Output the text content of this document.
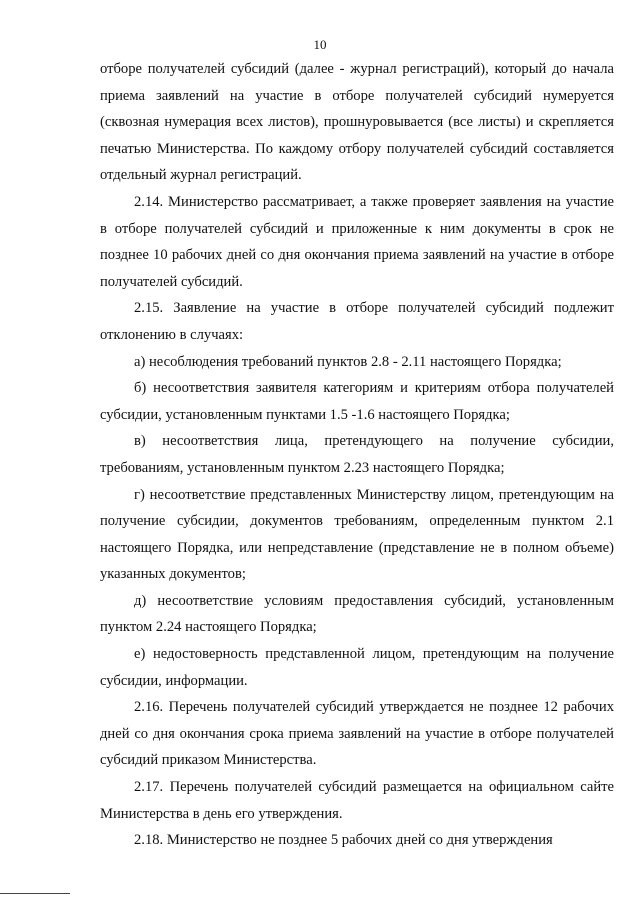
10

отборе получателей субсидий (далее - журнал регистраций), который до начала приема заявлений на участие в отборе получателей субсидий нумеруется (сквозная нумерация всех листов), прошнуровывается (все листы) и скрепляется печатью Министерства. По каждому отбору получателей субсидий составляется отдельный журнал регистраций.

2.14. Министерство рассматривает, а также проверяет заявления на участие в отборе получателей субсидий и приложенные к ним документы в срок не позднее 10 рабочих дней со дня окончания приема заявлений на участие в отборе получателей субсидий.

2.15. Заявление на участие в отборе получателей субсидий подлежит отклонению в случаях:

а) несоблюдения требований пунктов 2.8 - 2.11 настоящего Порядка;

б) несоответствия заявителя категориям и критериям отбора получателей субсидии, установленным пунктами 1.5 -1.6 настоящего Порядка;

в) несоответствия лица, претендующего на получение субсидии, требованиям, установленным пунктом 2.23 настоящего Порядка;

г) несоответствие представленных Министерству лицом, претендующим на получение субсидии, документов требованиям, определенным пунктом 2.1 настоящего Порядка, или непредставление (представление не в полном объеме) указанных документов;

д) несоответствие условиям предоставления субсидий, установленным пунктом 2.24 настоящего Порядка;

е) недостоверность представленной лицом, претендующим на получение субсидии, информации.

2.16. Перечень получателей субсидий утверждается не позднее 12 рабочих дней со дня окончания срока приема заявлений на участие в отборе получателей субсидий приказом Министерства.

2.17. Перечень получателей субсидий размещается на официальном сайте Министерства в день его утверждения.

2.18. Министерство не позднее 5 рабочих дней со дня утверждения
